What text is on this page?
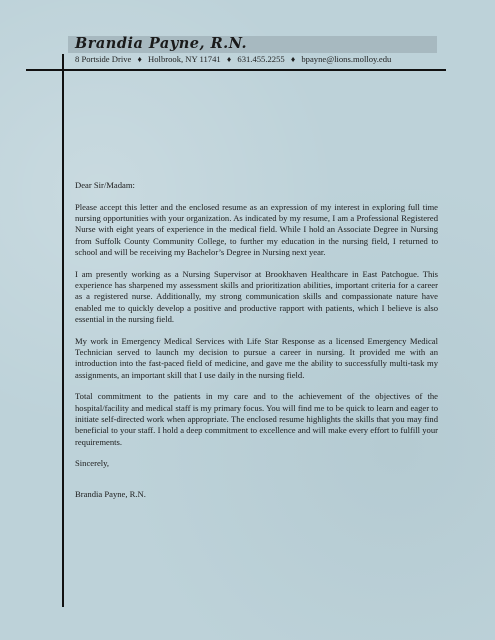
Brandia Payne, R.N.
8 Portside Drive ♦ Holbrook, NY 11741 ♦ 631.455.2255 ♦ bpayne@lions.molloy.edu

Dear Sir/Madam:

Please accept this letter and the enclosed resume as an expression of my interest in exploring full time nursing opportunities with your organization. As indicated by my resume, I am a Professional Registered Nurse with eight years of experience in the medical field. While I hold an Associate Degree in Nursing from Suffolk County Community College, to further my education in the nursing field, I returned to school and will be receiving my Bachelor’s Degree in Nursing next year.

I am presently working as a Nursing Supervisor at Brookhaven Healthcare in East Patchogue. This experience has sharpened my assessment skills and prioritization abilities, important criteria for a career as a registered nurse. Additionally, my strong communication skills and compassionate nature have enabled me to quickly develop a positive and productive rapport with patients, which I believe is also essential in the nursing field.

My work in Emergency Medical Services with Life Star Response as a licensed Emergency Medical Technician served to launch my decision to pursue a career in nursing. It provided me with an introduction into the fast-paced field of medicine, and gave me the ability to successfully multi-task my assignments, an important skill that I use daily in the nursing field.

Total commitment to the patients in my care and to the achievement of the objectives of the hospital/facility and medical staff is my primary focus. You will find me to be quick to learn and eager to initiate self-directed work when appropriate. The enclosed resume highlights the skills that you may find beneficial to your staff. I hold a deep commitment to excellence and will make every effort to fulfill your requirements.

Sincerely,

Brandia Payne, R.N.
